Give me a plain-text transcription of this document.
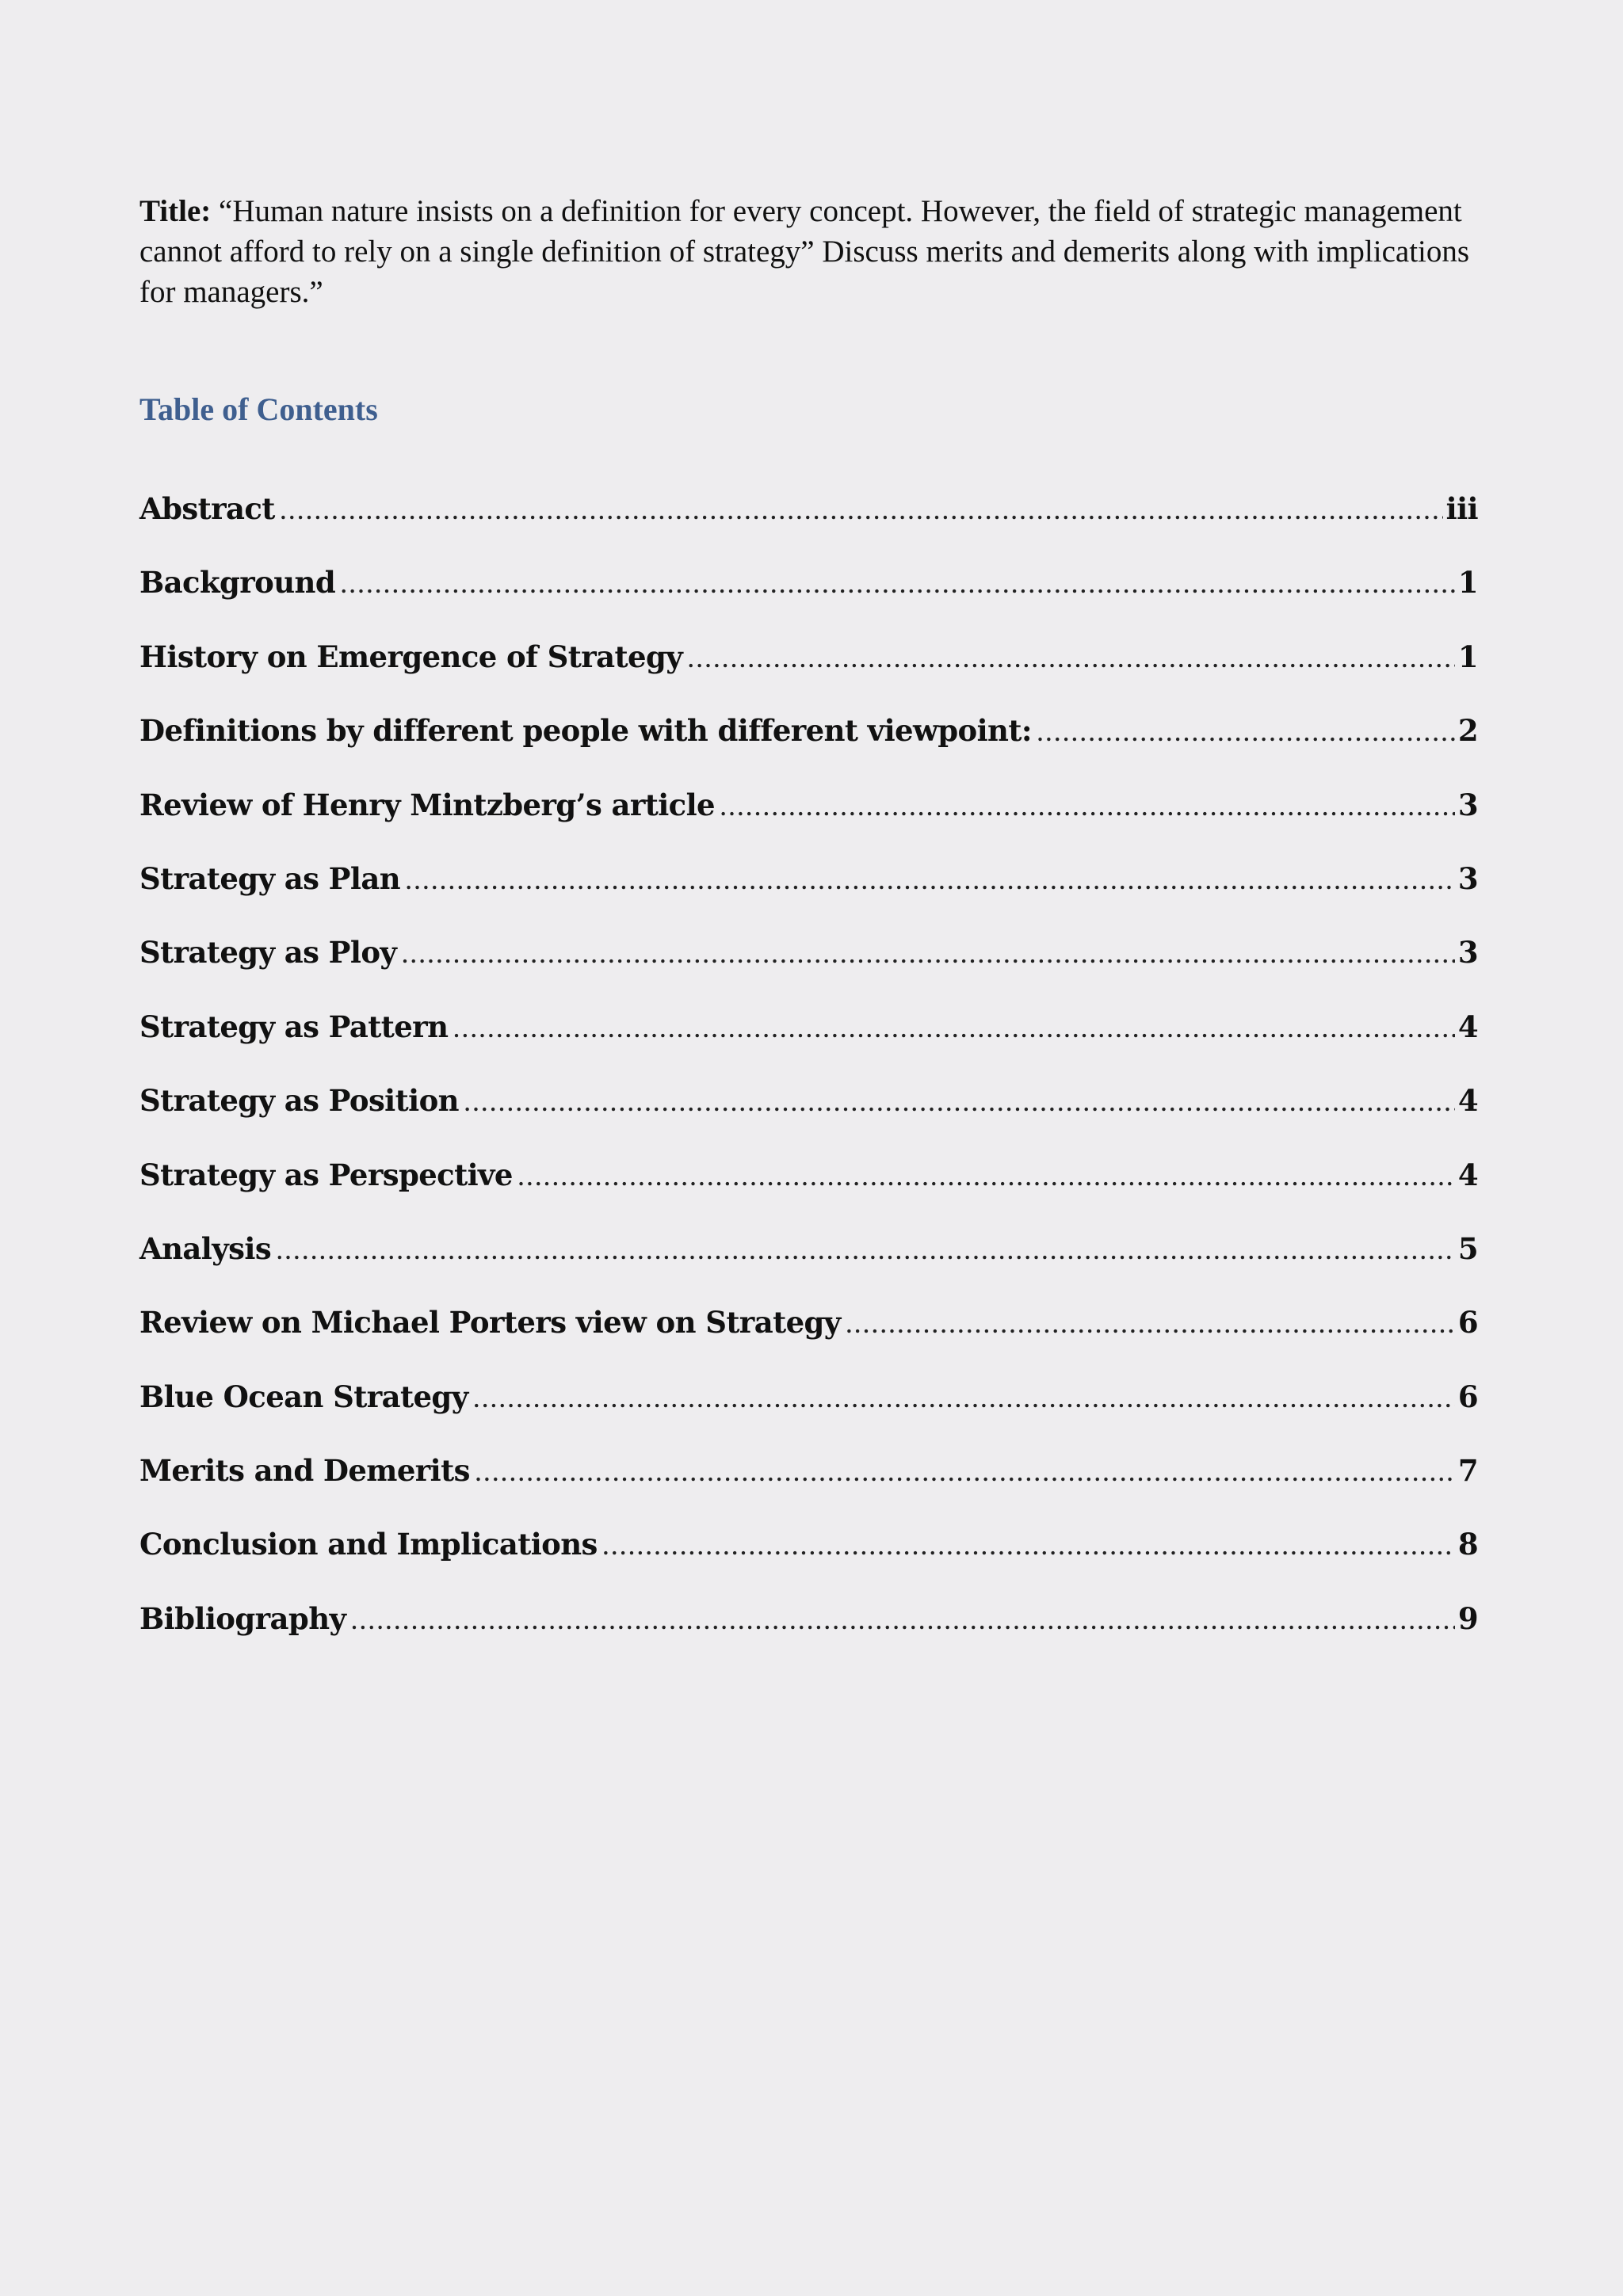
Title: “Human nature insists on a definition for every concept. However, the field of strategic management cannot afford to rely on a single definition of strategy” Discuss merits and demerits along with implications for managers.”
Table of Contents
Abstract .....	iii
Background .....	1
History on Emergence of Strategy .....	1
Definitions by different people with different viewpoint: .....	2
Review of Henry Mintzberg’s article .....	3
Strategy as Plan .....	3
Strategy as Ploy .....	3
Strategy as Pattern .....	4
Strategy as Position .....	4
Strategy as Perspective .....	4
Analysis .....	5
Review on Michael Porters view on Strategy .....	6
Blue Ocean Strategy .....	6
Merits and Demerits .....	7
Conclusion and Implications .....	8
Bibliography .....	9
